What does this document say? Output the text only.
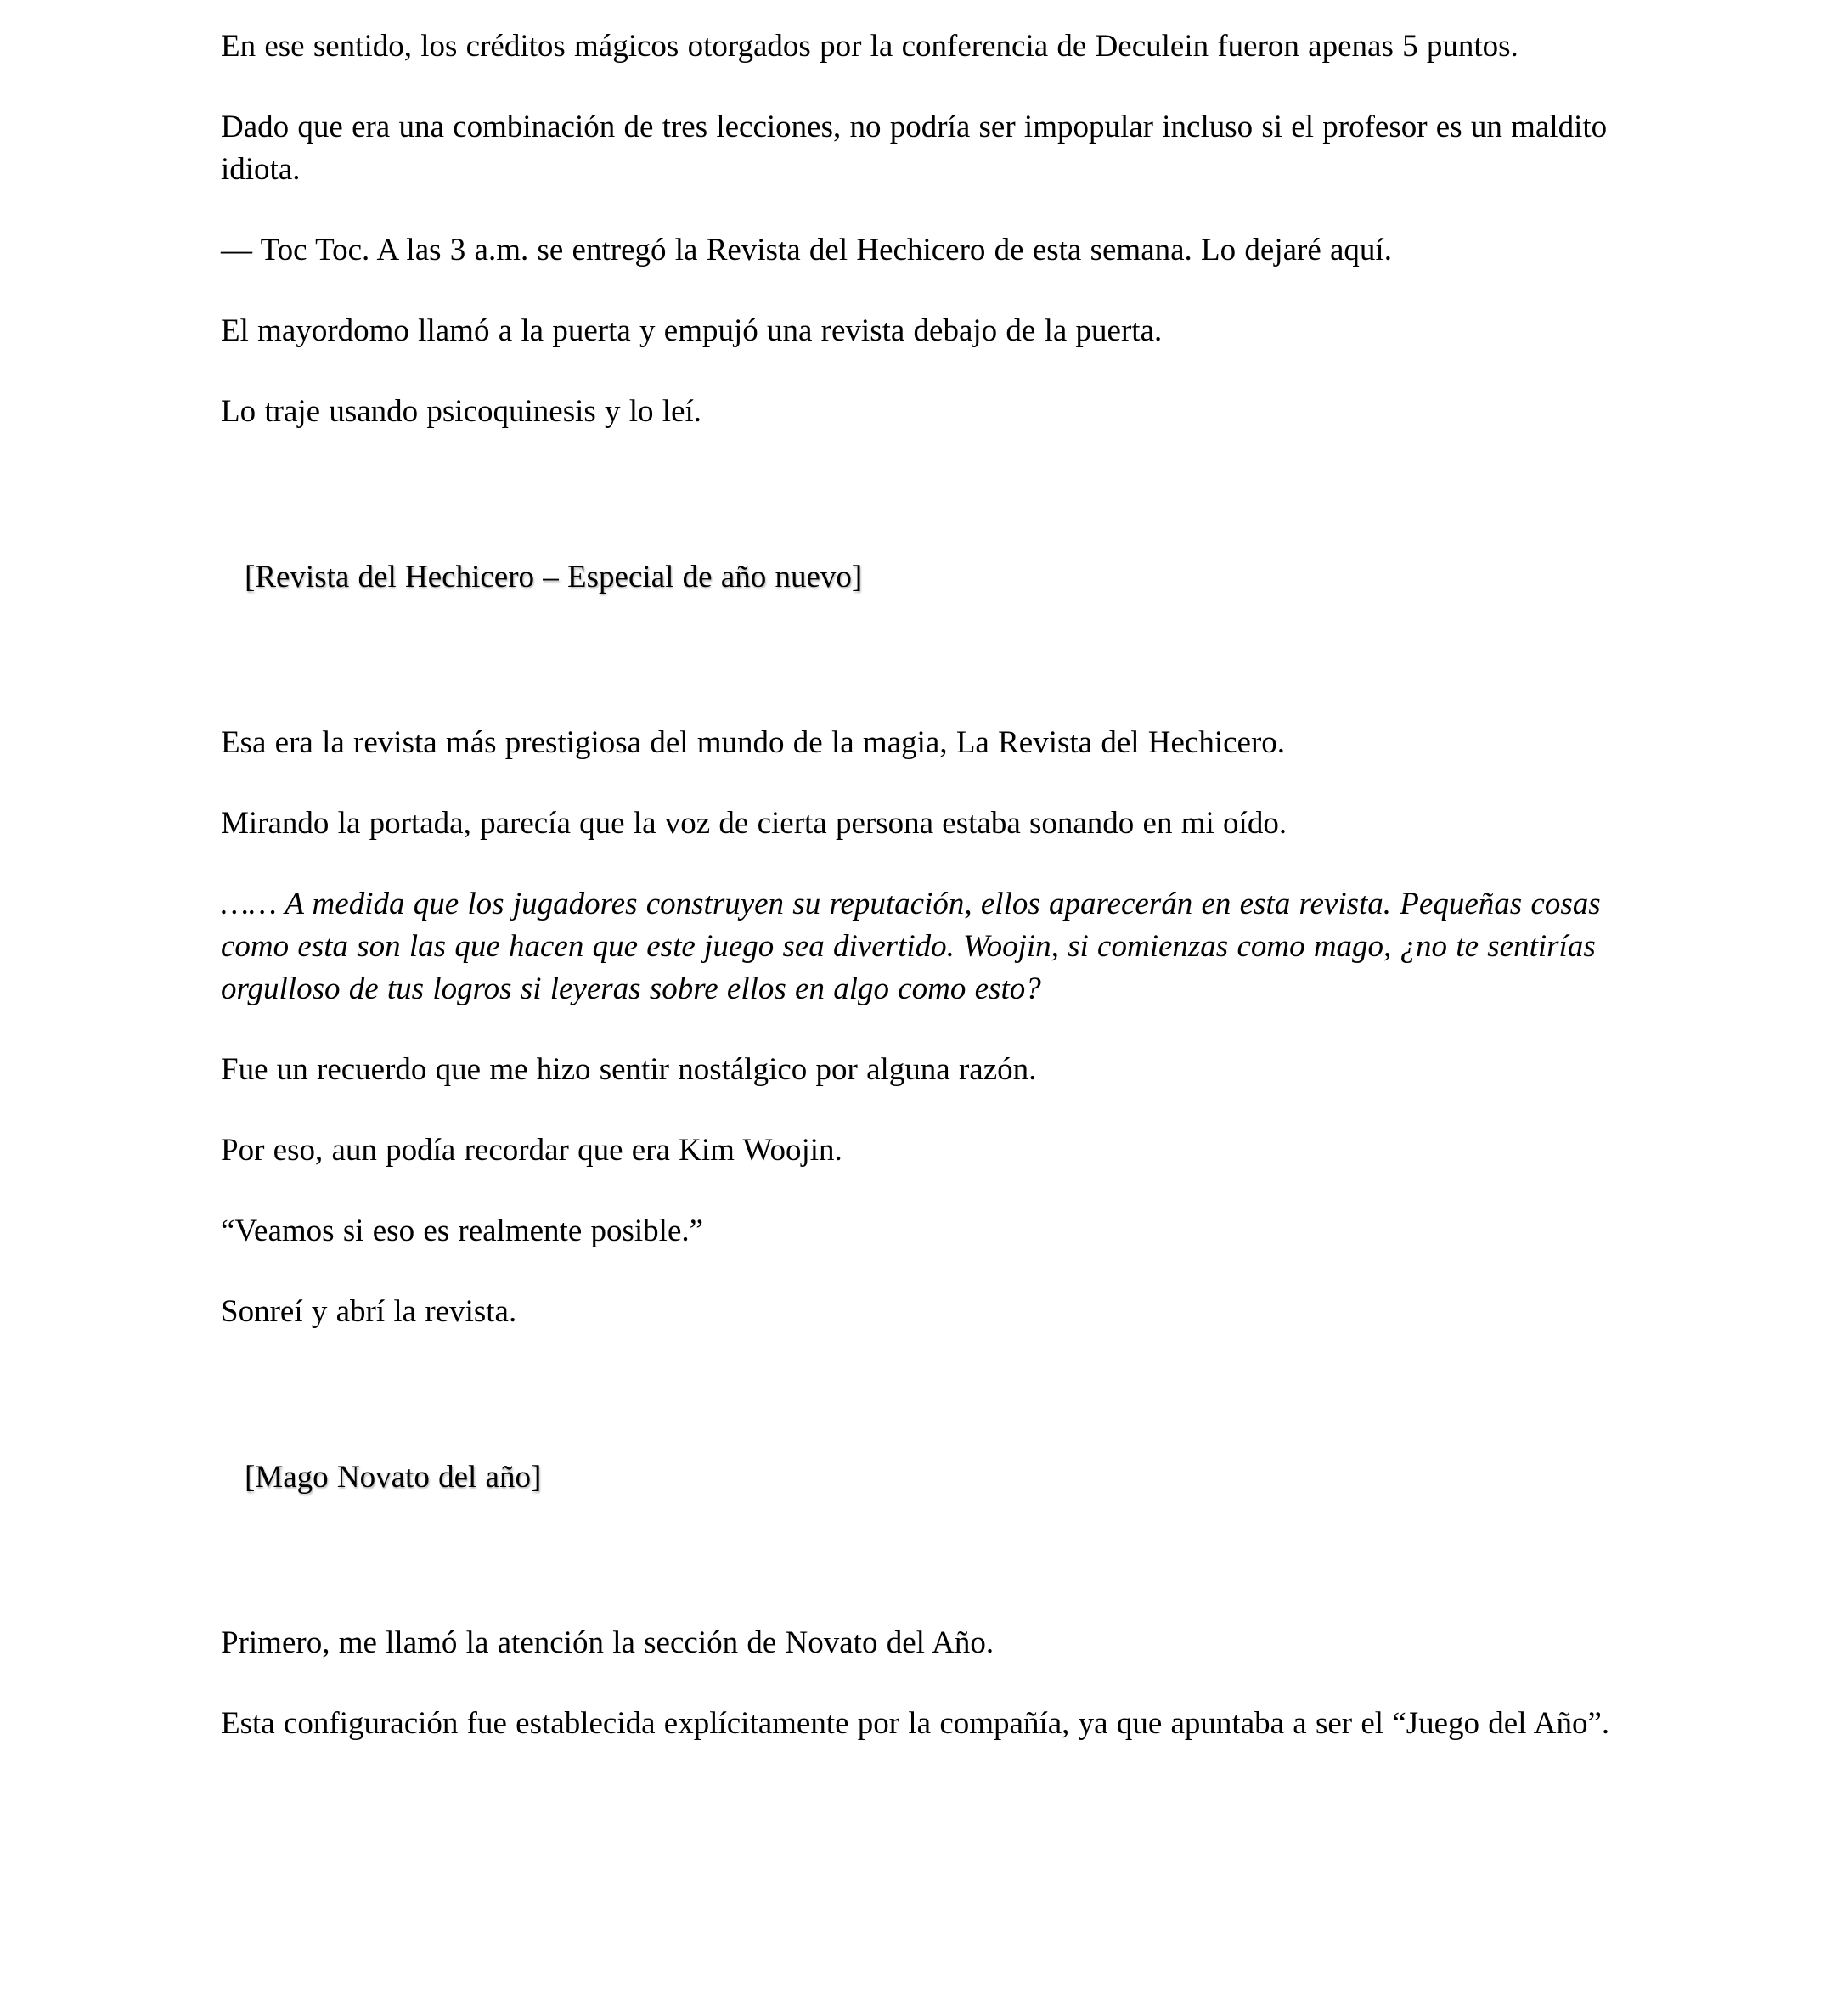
En ese sentido, los créditos mágicos otorgados por la conferencia de Deculein fueron apenas 5 puntos.

Dado que era una combinación de tres lecciones, no podría ser impopular incluso si el profesor es un maldito idiota.

— Toc Toc. A las 3 a.m. se entregó la Revista del Hechicero de esta semana. Lo dejaré aquí.

El mayordomo llamó a la puerta y empujó una revista debajo de la puerta.

Lo traje usando psicoquinesis y lo leí.

[Revista del Hechicero – Especial de año nuevo]

Esa era la revista más prestigiosa del mundo de la magia, La Revista del Hechicero.

Mirando la portada, parecía que la voz de cierta persona estaba sonando en mi oído.

…… A medida que los jugadores construyen su reputación, ellos aparecerán en esta revista. Pequeñas cosas como esta son las que hacen que este juego sea divertido. Woojin, si comienzas como mago, ¿no te sentirías orgulloso de tus logros si leyeras sobre ellos en algo como esto?

Fue un recuerdo que me hizo sentir nostálgico por alguna razón.

Por eso, aun podía recordar que era Kim Woojin.

“Veamos si eso es realmente posible.”

Sonreí y abrí la revista.

[Mago Novato del año]

Primero, me llamó la atención la sección de Novato del Año.

Esta configuración fue establecida explícitamente por la compañía, ya que apuntaba a ser el “Juego del Año”.
